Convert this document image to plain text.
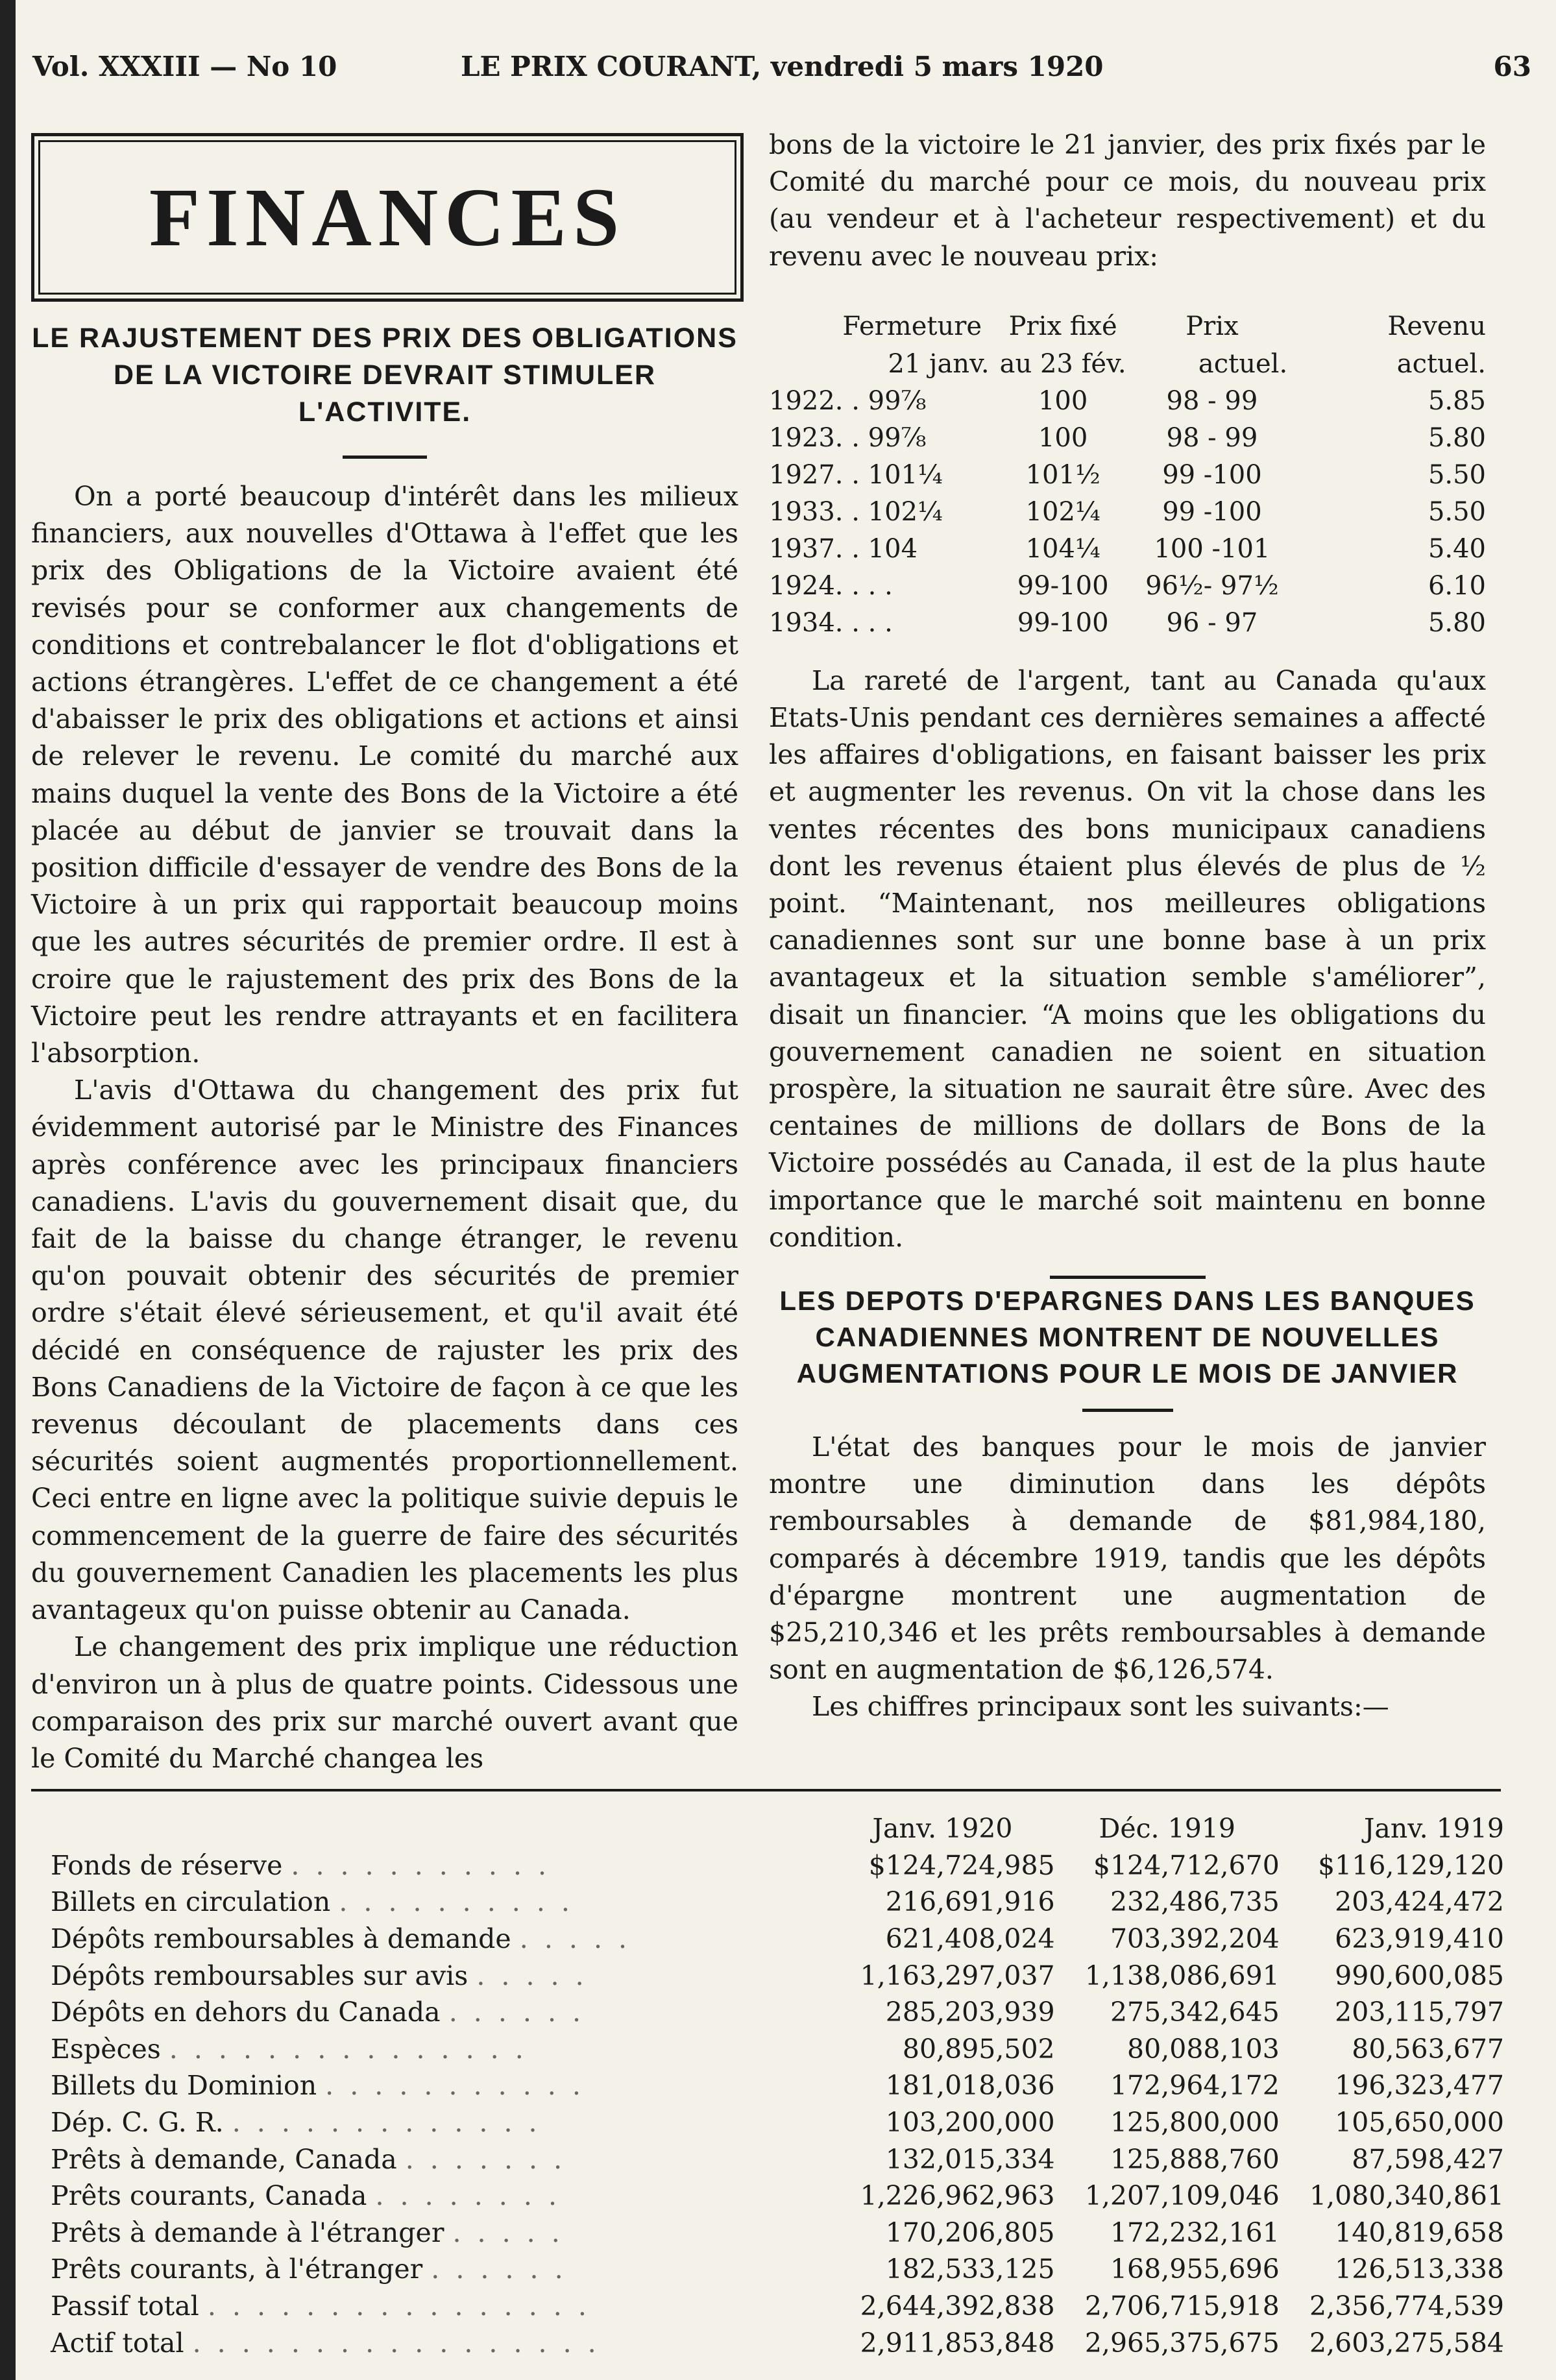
Vol. XXXIII — No 10	LE PRIX COURANT, vendredi 5 mars 1920	63
FINANCES
LE RAJUSTEMENT DES PRIX DES OBLIGATIONS DE LA VICTOIRE DEVRAIT STIMULER L'ACTIVITE.

On a porté beaucoup d'intérêt dans les milieux financiers, aux nouvelles d'Ottawa à l'effet que les prix des Obligations de la Victoire avaient été revisés pour se conformer aux changements de conditions et contrebalancer le flot d'obligations et actions étrangères. L'effet de ce changement a été d'abaisser le prix des obligations et actions et ainsi de relever le revenu. Le comité du marché aux mains duquel la vente des Bons de la Victoire a été placée au début de janvier se trouvait dans la position difficile d'essayer de vendre des Bons de la Victoire à un prix qui rapportait beaucoup moins que les autres sécurités de premier ordre. Il est à croire que le rajustement des prix des Bons de la Victoire peut les rendre attrayants et en facilitera l'absorption.

L'avis d'Ottawa du changement des prix fut évidemment autorisé par le Ministre des Finances après conférence avec les principaux financiers canadiens. L'avis du gouvernement disait que, du fait de la baisse du change étranger, le revenu qu'on pouvait obtenir des sécurités de premier ordre s'était élevé sérieusement, et qu'il avait été décidé en conséquence de rajuster les prix des Bons Canadiens de la Victoire de façon à ce que les revenus découlant de placements dans ces sécurités soient augmentés proportionnellement. Ceci entre en ligne avec la politique suivie depuis le commencement de la guerre de faire des sécurités du gouvernement Canadien les placements les plus avantageux qu'on puisse obtenir au Canada.

Le changement des prix implique une réduction d'environ un à plus de quatre points. Cidessous une comparaison des prix sur marché ouvert avant que le Comité du Marché changea les

bons de la victoire le 21 janvier, des prix fixés par le Comité du marché pour ce mois, du nouveau prix (au vendeur et à l'acheteur respectivement) et du revenu avec le nouveau prix:

	Fermeture	Prix fixé	Prix	Revenu
	21 janv.	au 23 fév.	actuel.	actuel.
1922	. . 99⅞	100	98 - 99	5.85
1923	. . 99⅞	100	98 - 99	5.80
1927	. . 101¼	101½	99 -100	5.50
1933	. . 102¼	102¼	99 -100	5.50
1937	. . 104	104¼	100 -101	5.40
1924	. . . .	99-100	96½- 97½	6.10
1934	. . . .	99-100	96 - 97	5.80

La rareté de l'argent, tant au Canada qu'aux Etats-Unis pendant ces dernières semaines a affecté les affaires d'obligations, en faisant baisser les prix et augmenter les revenus. On vit la chose dans les ventes récentes des bons municipaux canadiens dont les revenus étaient plus élevés de plus de ½ point. “Maintenant, nos meilleures obligations canadiennes sont sur une bonne base à un prix avantageux et la situation semble s'améliorer”, disait un financier. “A moins que les obligations du gouvernement canadien ne soient en situation prospère, la situation ne saurait être sûre. Avec des centaines de millions de dollars de Bons de la Victoire possédés au Canada, il est de la plus haute importance que le marché soit maintenu en bonne condition.

LES DEPOTS D'EPARGNES DANS LES BANQUES CANADIENNES MONTRENT DE NOUVELLES AUGMENTATIONS POUR LE MOIS DE JANVIER

L'état des banques pour le mois de janvier montre une diminution dans les dépôts remboursables à demande de $81,984,180, comparés à décembre 1919, tandis que les dépôts d'épargne montrent une augmentation de $25,210,346 et les prêts remboursables à demande sont en augmentation de $6,126,574.

Les chiffres principaux sont les suivants:—

	Janv. 1920	Déc. 1919	Janv. 1919
Fonds de réserve . . . . . . . . . . .	$124,724,985	$124,712,670	$116,129,120
Billets en circulation . . . . . . . . . .	216,691,916	232,486,735	203,424,472
Dépôts remboursables à demande . . . . .	621,408,024	703,392,204	623,919,410
Dépôts remboursables sur avis . . . . .	1,163,297,037	1,138,086,691	990,600,085
Dépôts en dehors du Canada . . . . . .	285,203,939	275,342,645	203,115,797
Espèces . . . . . . . . . . . . . . .	80,895,502	80,088,103	80,563,677
Billets du Dominion . . . . . . . . . . .	181,018,036	172,964,172	196,323,477
Dép. C. G. R. . . . . . . . . . . . . .	103,200,000	125,800,000	105,650,000
Prêts à demande, Canada . . . . . . .	132,015,334	125,888,760	87,598,427
Prêts courants, Canada . . . . . . . .	1,226,962,963	1,207,109,046	1,080,340,861
Prêts à demande à l'étranger . . . . .	170,206,805	172,232,161	140,819,658
Prêts courants, à l'étranger . . . . . .	182,533,125	168,955,696	126,513,338
Passif total . . . . . . . . . . . . . . . .	2,644,392,838	2,706,715,918	2,356,774,539
Actif total . . . . . . . . . . . . . . . . .	2,911,853,848	2,965,375,675	2,603,275,584
